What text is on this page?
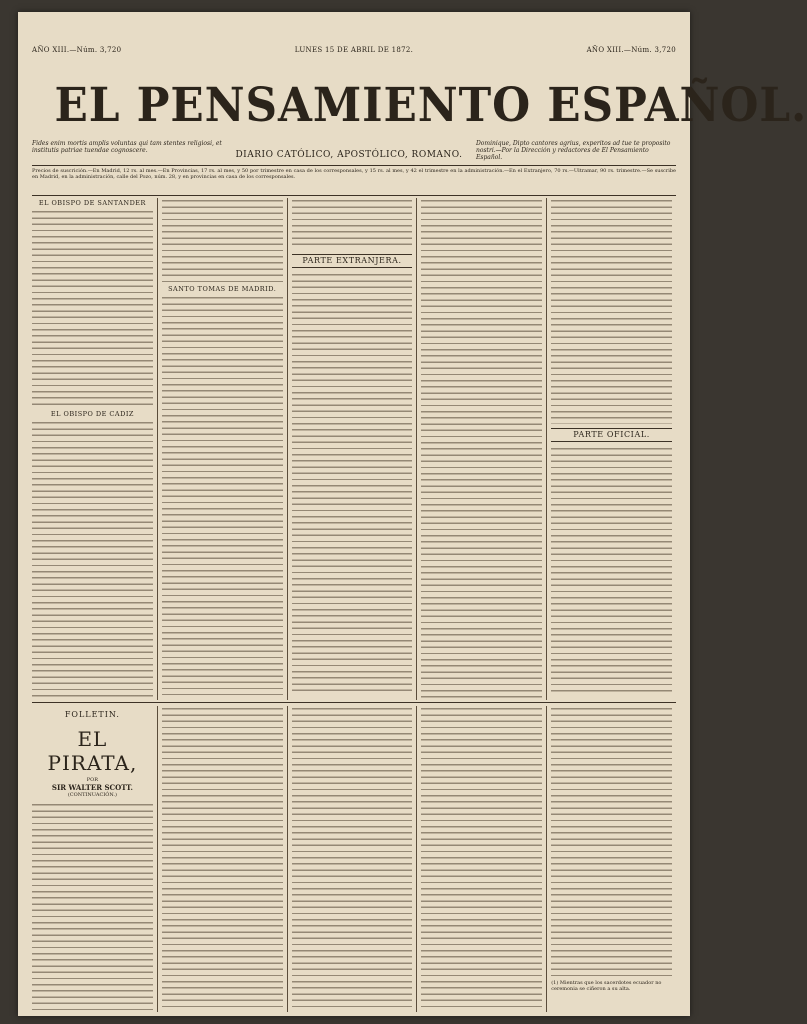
AÑO XIII.—Núm. 3,720	LUNES 15 DE ABRIL DE 1872.	AÑO XIII.—Núm. 3,720
EL PENSAMIENTO ESPAÑOL.
Fides enim mortis amplis voluntas qui tam stentes religiosi, et institutis patriae tuendae cognoscere.	DIARIO CATÓLICO, APOSTÓLICO, ROMANO.
Dominique, Dipto cantores agrius, experitos ad tue te proposito nostri.—Por la Dirección y redactores de El Pensamiento Español.
Precios de suscrición.—En Madrid, 12 rs. al mes.—En Provincias, 17 rs. al mes, y 50 por trimestre en casa de los corresponsales, y 15 rs. al mes, y 42 el trimestre en la administración.—En el Extranjero, 70 rs.—Ultramar, 90 rs. trimestre.—Se suscribe en Madrid, en la administración, calle del Pozo, núm. 28, y en provincias en casa de los corresponsales.
EL OBISPO DE SANTANDER
EL OBISPO DE CADIZ
SANTO TOMAS DE MADRID.
PARTE EXTRANJERA.
PARTE OFICIAL.
FOLLETIN.
EL PIRATA,
POR
SIR WALTER SCOTT.
(CONTINUACIÓN.)
(1) Mientras que los sacerdotes ecuador no ceremonia se ciñeron a su alta.
